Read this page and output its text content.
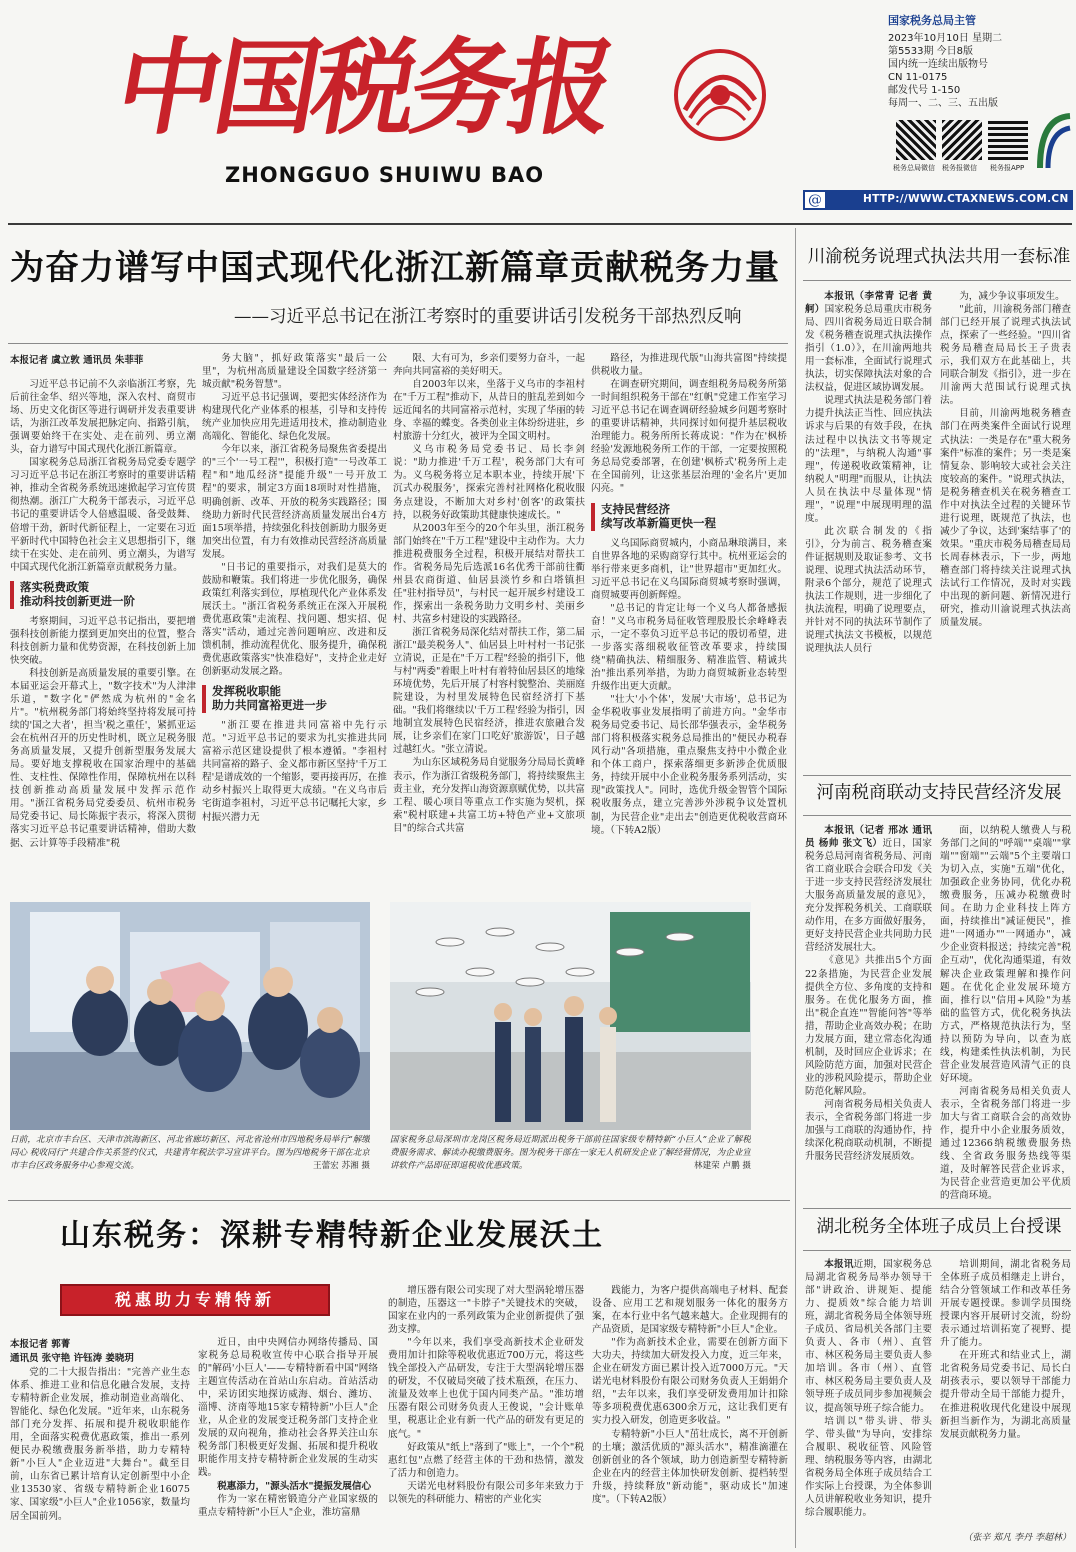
中国税务报
ZHONGGUO SHUIWU BAO
国家税务总局主管
2023年10月10日 星期二
第5533期 今日8版
国内统一连续出版物号
CN 11-0175
邮发代号 1-150
每周一、二、三、五出版
税务总局微信 税务报微信 税务报APP
@	HTTP://WWW.CTAXNEWS.COM.CN
为奋力谱写中国式现代化浙江新篇章贡献税务力量
——习近平总书记在浙江考察时的重要讲话引发税务干部热烈反响
本报记者 虞立敦 通讯员 朱菲菲

习近平总书记前不久亲临浙江考察，先后前往金华、绍兴等地，深入农村、商贸市场、历史文化街区等进行调研并发表重要讲话，为浙江改革发展把脉定向、指路引航，强调要始终干在实处、走在前列、勇立潮头，奋力谱写中国式现代化浙江新篇章。

国家税务总局浙江省税务局党委专题学习习近平总书记在浙江考察时的重要讲话精神，推动全省税务系统迅速掀起学习宣传贯彻热潮。浙江广大税务干部表示，习近平总书记的重要讲话令人倍感温暖、备受鼓舞、倍增干劲，新时代新征程上，一定要在习近平新时代中国特色社会主义思想指引下，继续干在实处、走在前列、勇立潮头，为谱写中国式现代化浙江新篇章贡献税务力量。

落实税费政策
推动科技创新更进一阶

考察期间，习近平总书记指出，要把增强科技创新能力摆到更加突出的位置，整合科技创新力量和优势资源，在科技创新上加快突破。

科技创新是高质量发展的重要引擎。在本届亚运会开幕式上，"数字技术"为人津津乐道，"数字化"俨然成为杭州的"金名片"。"杭州税务部门将始终坚持将发展可持续的'国之大者'，担当'税之重任'，紧抓亚运会在杭州召开的历史性时机，既立足税务服务高质量发展，又提升创新型服务发展大局。要好地支撑税收在国家治理中的基础性、支柱性、保障性作用，保障杭州在以科技创新推动高质量发展中发挥示范作用。"浙江省税务局党委委员、杭州市税务局党委书记、局长陈振宇表示，将深入贯彻落实习近平总书记重要讲话精神，借助大数据、云计算等手段精准"税

务大脑"，抓好政策落实"最后一公里"，为杭州高质量建设全国数字经济第一城贡献"税务智慧"。

习近平总书记强调，要把实体经济作为构建现代化产业体系的根基，引导和支持传统产业加快应用先进适用技术，推动制造业高端化、智能化、绿色化发展。

今年以来，浙江省税务局聚焦省委提出的"三个'一号工程'"，积极打造"一号改革工程"和"地瓜经济"提能升级"一号开放工程"的要求，制定3方面18项时对性措施，明确创新、改革、开放的税务实践路径；围绕助力新时代民营经济高质量发展出台4方面15项举措，持续强化科技创新助力服务更加突出位置，有力有效推动民营经济高质量发展。

"日书记的重要指示，对我们是莫大的鼓励和鞭策。我们将进一步优化服务，确保政策红利落实到位，厚植现代化产业体系发展沃土。"浙江省税务系统正在深入开展税费优惠政策"走流程、找问题、想实招、促落实"活动，通过完善问题响应、改进和反馈机制，推动流程优化、服务提升，确保税费优惠政策落实"快准稳好"，支持企业走好创新驱动发展之路。

发挥税收职能
助力共同富裕更进一步

"浙江要在推进共同富裕中先行示范。"习近平总书记的要求为扎实推进共同富裕示范区建设提供了根本遵循。"李祖村共同富裕的路子、金义都市新区坚持'千万工程'是谱成效的一个缩影，要再接再厉，在推动乡村振兴上取得更大成绩。"在义乌市后宅街道李祖村，习近平总书记嘱托大家，乡村振兴潜力无

限、大有可为，乡亲们要努力奋斗，一起奔向共同富裕的美好明天。

自2003年以来，坐落于义乌市的李祖村在"千万工程"推动下，从昔日的脏乱差到如今远近闻名的共同富裕示范村，实现了华丽的转身、幸福的蝶变。各类创业主体纷纷进驻，乡村旅游十分红火，被评为全国文明村。

义乌市税务局党委书记、局长李剑说："助力推进'千万工程'，税务部门大有可为。义乌税务将立足本职本业，持续开展'下沉式办税服务'，探索完善村社网格化税收服务点建设，不断加大对乡村'创客'的政策扶持，以税务好政策助其健康快速成长。"

从2003年至今的20个年头里，浙江税务部门始终在"千万工程"建设中主动作为。大力推进税费服务全过程，积极开展结对帮扶工作。省税务局先后选派16名优秀干部前往衢州县农商街道、仙居县淡竹乡和白塔镇担任"驻村指导员"，与村民一起开展乡村建设工作，探索出一条税务助力文明乡村、美丽乡村、共富乡村建设的实践路径。

浙江省税务局深化结对帮扶工作，第二届浙江"最美税务人"、仙居县上叶村村一书记张立清说，正是在"千万工程"经验的指引下，他与村"两委"着眼上叶村有着特仙居县区的地缘环境优势，先后开展了村容村貌整治、美丽庭院建设，为村里发展特色民宿经济打下基础。"我们将继续以'千万工程'经验为指引，因地制宜发展特色民宿经济，推进农旅融合发展，让乡亲们在家门口吃好'旅游饭'，日子越过越红火。"张立清说。

为山东区域税务局自觉服务分局局长黄峰表示，作为浙江省级税务部门，将持续聚焦主责主业，充分发挥山海资源禀赋优势，以共富工程、暖心项目等重点工作实施为契机，探索"税村联建+共富工坊+特色产业+文旅项目"的综合式共富

路径，为推进现代版"山海共富图"持续提供税收力量。

在调查研究期间，调查组税务局税务所第一时间组织税务干部在"红帆"党建工作室学习习近平总书记在调查调研经验城乡问题考察时的重要讲话精神，共同探讨如何提升基层税收治理能力。税务所所长蒋成说："作为在'枫桥经验'发源地税务所工作的干部，一定要按照税务总局党委部署，在创建'枫桥式'税务所上走在全国前列，让这张基层治理的'金名片'更加闪亮。"

支持民营经济
续写改革新篇更快一程

义乌国际商贸城内，小商品琳琅满目，来自世界各地的采购商穿行其中。杭州亚运会的举行带来更多商机，让"世界超市"更加红火。习近平总书记在义乌国际商贸城考察时强调，商贸城要再创新辉煌。

"总书记的肯定让每一个义乌人都备感振奋！"义乌市税务局征收管理股股长余峰峰表示，一定不辜负习近平总书记的殷切希望，进一步落实落细税收征管改革要求，持续围绕"精确执法、精细服务、精准监管、精诚共治"推出系列举措，为助力商贸城新业态转型升级作出更大贡献。

"壮大'小个体'，发展'大市场'，总书记为金华税收事业发展指明了前进方向。"金华市税务局党委书记、局长邵华强表示，金华税务部门将积极落实税务总局推出的"便民办税春风行动"各项措施，重点聚焦支持中小微企业和个体工商户，探索落细更多新涉企优质服务，持续开展中小企业税务服务系列活动，实现"政策找人"。同时，选优升级金智管个国际税收服务点，建立完善涉外涉税争议处置机制，为民营企业"走出去"创造更优税收营商环境。（下转A2版）

日前，北京市丰台区、天津市滨海新区、河北省廊坊新区、河北省沧州市四地税务局举行“解缴同心 税收同行”共建合作关系签约仪式，共建青年税法学习宣讲平台。图为四地税务干部在北京市丰台区政务服务中心参观交流。	王蕾宏 苏湘 摄
国家税务总局深圳市龙岗区税务局近期派出税务干部前往国家级专精特新“小巨人”企业了解税费服务需求、解读办税缴费服务。图为税务干部在一家无人机研发企业了解经营情况，为企业宣讲软件产品即征即退税收优惠政策。	林建荣 卢鹏 摄
山东税务：深耕专精特新企业发展沃土
税惠助力专精特新
本报记者 郭菁
通讯员 张守艳 许钰涛 姜晓玥

党的二十大报告指出："完善产业生态体系、推进工业和信息化融合发展，支持专精特新企业发展，推动制造业高端化、智能化、绿色化发展。"近年来，山东税务部门充分发挥、拓展和提升税收职能作用，全面落实税费优惠政策，推出一系列便民办税缴费服务新举措，助力专精特新"小巨人"企业迈进"大舞台"。截至目前，山东省已累计培育认定创新型中小企业13530家、省级专精特新企业16075家、国家级"小巨人"企业1056家，数量均居全国前列。

近日，由中央网信办网络传播局、国家税务总局税收宣传中心联合指导开展的"解码'小巨人'——专精特新看中国"网络主题宣传活动在首站山东启动。首站活动中，采访团实地探访威海、烟台、潍坊、淄博、济南等地15家专精特新"小巨人"企业，从企业的发展变迁税务部门支持企业发展的双向视角，推动社会各界关注山东税务部门积极更好发掘、拓展和提升税收职能作用支持专精特新企业发展的生动实践。

税惠添力，"源头活水"提振发展信心

作为一家在精密锻造分产业国家级的重点专精特新"小巨人"企业，淮坊富鼎

增压器有限公司实现了对大型涡轮增压器的制造，压器这一"卡脖子"关键技术的突破，国家在业内的一系列政策为企业创新提供了强劲支撑。

"今年以来，我们享受高新技术企业研发费用加计扣除等税收优惠近700万元，将这些钱全部投入产品研发，专注于大型涡轮增压器的研发，不仅破局突破了技术瓶颈，在压力、流量及效率上也优于国内同类产品。"淮坊增压器有限公司财务负责人王俊说，"会计账单里，税惠让企业有新一代产品的研发有更足的底气。"

好政策从"纸上"落到了"账上"，一个个"税惠红包"点燃了经营主体的干劲和热情，激发了活力和创造力。

天诺光电材料股份有限公司多年来致力于以领先的科研能力、精密的产业化实

践能力，为客户提供高端电子材料、配套设备、应用工艺和规划服务一体化的服务方案，在本行业中名气越来越大。企业现拥有的产品资质，是国家级专精特新"小巨人"企业。

"作为高新技术企业，需要在创新方面下大功夫，持续加大研发投入力度，近三年来，企业在研发方面已累计投入近7000万元。"天诺光电材料股份有限公司财务负责人王娟娟介绍，"去年以来，我们享受研发费用加计扣除等多项税费优惠6300余万元，这让我们更有实力投入研发，创造更多收益。"

专精特新"小巨人"茁壮成长，离不开创新的土壤；激活优质的"源头活水"，精准滴灌在创新创业的各个领域，助力创造新型专精特新企业在内的经营主体加快研发创新、提档转型升级，持续释放"新动能"，驱动成长"加速度"。（下转A2版）

川渝税务说理式执法共用一套标准

本报讯（李常青 记者 黄舸）国家税务总局重庆市税务局、四川省税务局近日联合制发《税务稽查说理式执法操作指引（1.0）》，在川渝两地共用一套标准，全面试行说理式执法，切实保障执法对象的合法权益，促进区域协调发展。

说理式执法是税务部门着力提升执法正当性、回应执法诉求与后果的有效手段，在执法过程中以执法文书等规定的"法理"，与纳税人沟通"事理"，传递税收政策精神，让纳税人"明理"而服从，让执法人员在执法中尽量体现"情理"，"说理"中展现明理的温度。

此次联合制发的《指引》，分为前言、税务稽查案件证据规则及取证参考、文书说理、说理式执法活动环节，附录6个部分，规范了说理式执法工作规则，进一步细化了执法流程，明确了说理要点，并针对不同的执法环节制作了说理式执法文书模板，以规范说理执法人员行

为，减少争议事项发生。

"此前，川渝税务部门稽查部门已经开展了说理式执法试点，探索了一些经验。"四川省税务局稽查局局长王子贵表示，我们双方在此基础上，共同联合制发《指引》，进一步在川渝两大范围试行说理式执法。

目前，川渝两地税务稽查部门在两类案件全面试行说理式执法：一类是存在"重大税务案件"标准的案件；另一类是案情复杂、影响较大或社会关注度较高的案件。"说理式执法，是税务稽查机关在税务稽查工作中对执法全过程的关键环节进行说理，既规范了执法，也减少了争议，达到'案结事了'的效果。"重庆市税务局稽查局局长周春林表示，下一步，两地稽查部门将持续关注说理式执法试行工作情况，及时对实践中出现的新问题、新情况进行研究，推动川渝说理式执法高质量发展。

河南税商联动支持民营经济发展

本报讯（记者 邢冰 通讯员 杨帅 张文飞）近日，国家税务总局河南省税务局、河南省工商业联合会联合印发《关于进一步支持民营经济发展壮大服务高质量发展的意见》，充分发挥税务机关、工商联联动作用，在多方面做好服务，更好支持民营企业共同助力民营经济发展壮大。

《意见》共推出5个方面22条措施，为民营企业发展提供全方位、多角度的支持和服务。在优化服务方面，推出"税企直连""智能问答"等举措，帮助企业高效办税；在助力发展方面，建立常态化沟通机制，及时回应企业诉求；在风险防范方面，加强对民营企业的涉税风险提示，帮助企业防范化解风险。

河南省税务局相关负责人表示，全省税务部门将进一步加强与工商联的沟通协作，持续深化税商联动机制，不断提升服务民营经济发展质效。

面，以纳税人缴费人与税务部门之间的"呼端""桌端""掌端""窗端""云端"5个主要端口为切入点，实施"五端"优化，加强政企业务协同，优化办税缴费服务，压减办税缴费时间。在助力企业科技上阵方面，持续推出"减证便民"，推进"一网通办""一网通办"，减少企业资料报送；持续完善"税企互动"，优化沟通渠道，有效解决企业政策理解和操作问题。在优化企业发展环境方面，推行以"信用+风险"为基础的监管方式，优化税务执法方式，严格规范执法行为，坚持以预防为导向，以查为底线，构建柔性执法机制，为民营企业发展营造风清气正的良好环境。

河南省税务局相关负责人表示，全省税务部门将进一步加大与省工商联合会的高效协作，提升中小企业服务质效，通过12366纳税缴费服务热线、全省政务服务热线等渠道，及时解答民营企业诉求，为民营企业营造更加公平优质的营商环境。

湖北税务全体班子成员上台授课

本报讯近期，国家税务总局湖北省税务局举办领导干部"讲政治、讲规矩、提能力、提质效"综合能力培训班，湖北省税务局全体领导班子成员、省局机关各部门主要负责人、各市（州）、直管市、林区税务局主要负责人参加培训。各市（州）、直管市、林区税务局主要负责人及领导班子成员同步参加视频会议，提高领导班子综合能力。

培训以"带头讲、带头学、带头做"为导向，安排综合履职、税收征管、风险管理、纳税服务等内容，由湖北省税务局全体班子成员结合工作实际上台授课，为全体参训人员讲解税收业务知识，提升综合履职能力。

培训期间，湖北省税务局全体班子成员相继走上讲台，结合分管领域工作和改革任务开展专题授课。参训学员围绕授课内容开展研讨交流，纷纷表示通过培训拓宽了视野、提升了能力。

在开班式和结业式上，湖北省税务局党委书记、局长白胡孩表示，要以领导干部能力提升带动全局干部能力提升，在推进税收现代化建设中展现新担当新作为，为湖北高质量发展贡献税务力量。

（张辛 郑凡 李丹 李超林）
